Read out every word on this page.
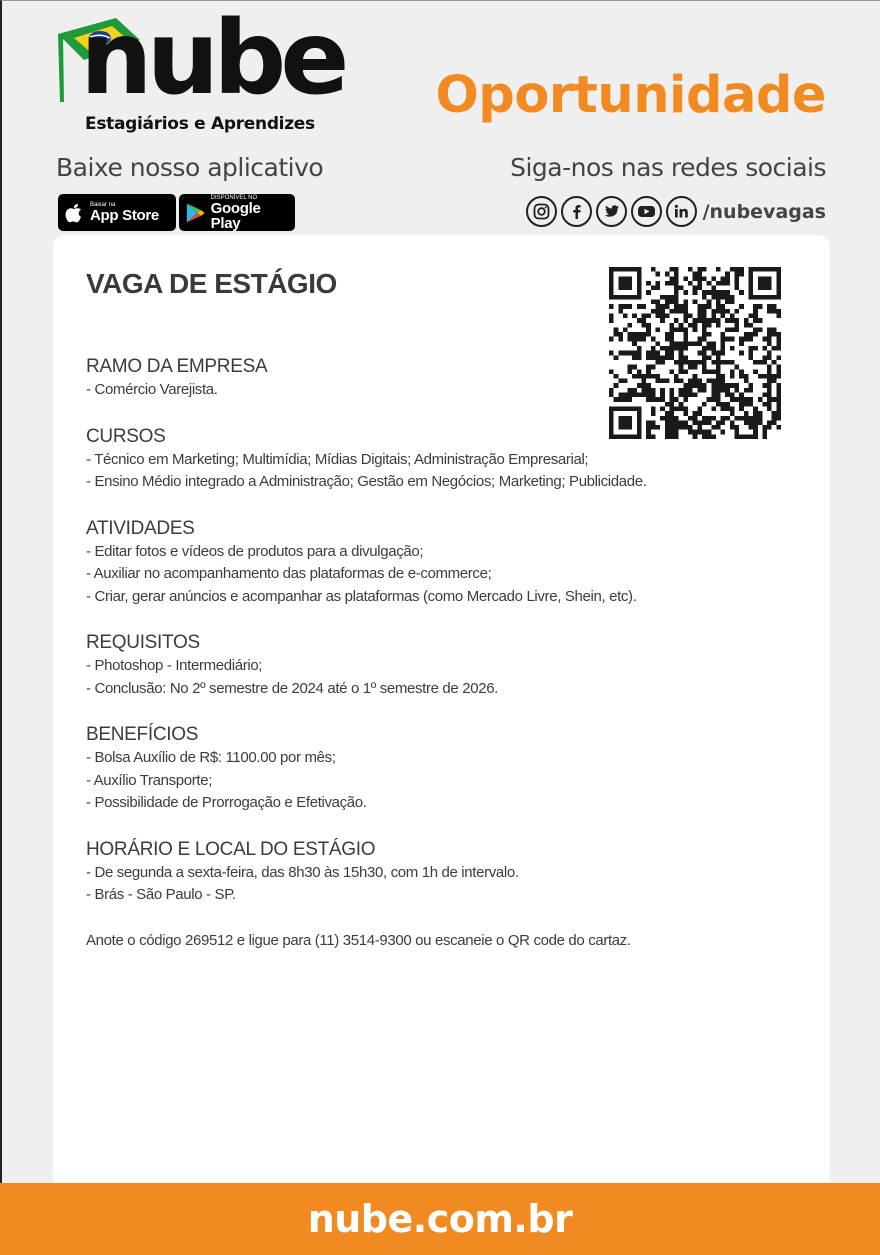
nube
Estagiários e Aprendizes Oportunidade
Baixe nosso aplicativo	Siga-nos nas redes sociais
Baixar na
App Store
DISPONÍVEL NO
Google Play
/nubevagas
VAGA DE ESTÁGIO
RAMO DA EMPRESA
- Comércio Varejista.
CURSOS
- Técnico em Marketing; Multimídia; Mídias Digitais; Administração Empresarial;
- Ensino Médio integrado a Administração; Gestão em Negócios; Marketing; Publicidade.
ATIVIDADES
- Editar fotos e vídeos de produtos para a divulgação;
- Auxiliar no acompanhamento das plataformas de e-commerce;
- Criar, gerar anúncios e acompanhar as plataformas (como Mercado Livre, Shein, etc).
REQUISITOS
- Photoshop - Intermediário;
- Conclusão: No 2º semestre de 2024 até o 1º semestre de 2026.
BENEFÍCIOS
- Bolsa Auxílio de R$: 1100.00 por mês;
- Auxílio Transporte;
- Possibilidade de Prorrogação e Efetivação.
HORÁRIO E LOCAL DO ESTÁGIO
- De segunda a sexta-feira, das 8h30 às 15h30, com 1h de intervalo.
- Brás - São Paulo - SP.
Anote o código 269512 e ligue para (11) 3514-9300 ou escaneie o QR code do cartaz.
nube.com.br
